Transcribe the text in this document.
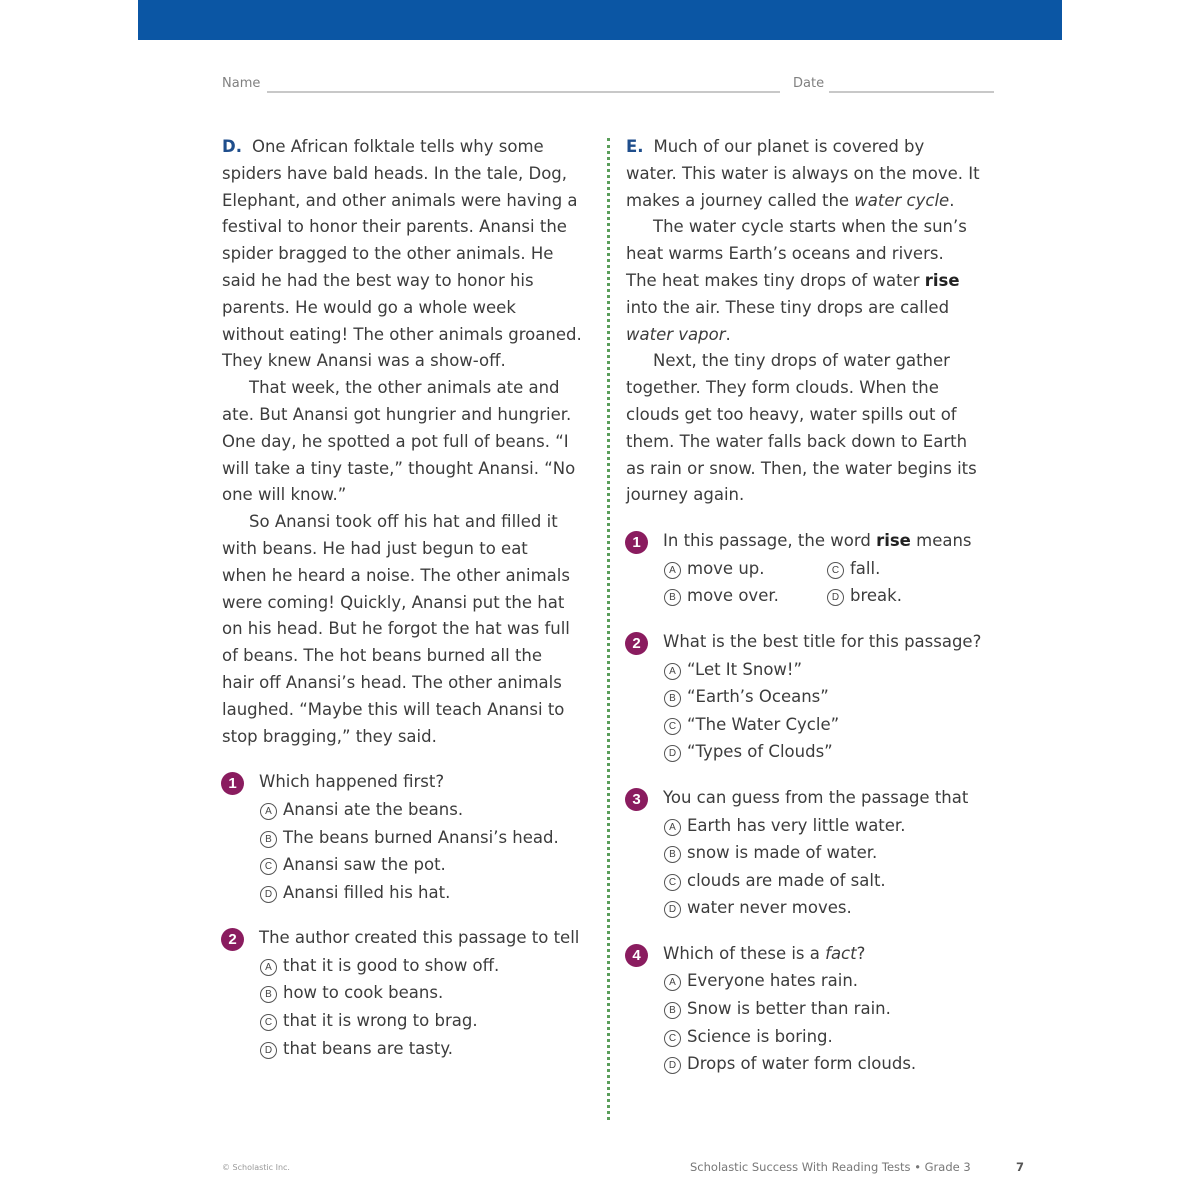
Name	Date

D. One African folktale tells why some
spiders have bald heads. In the tale, Dog,
Elephant, and other animals were having a
festival to honor their parents. Anansi the
spider bragged to the other animals. He
said he had the best way to honor his
parents. He would go a whole week
without eating! The other animals groaned.
They knew Anansi was a show-off.

That week, the other animals ate and
ate. But Anansi got hungrier and hungrier.
One day, he spotted a pot full of beans. “I
will take a tiny taste,” thought Anansi. “No
one will know.”

So Anansi took off his hat and filled it
with beans. He had just begun to eat
when he heard a noise. The other animals
were coming! Quickly, Anansi put the hat
on his head. But he forgot the hat was full
of beans. The hot beans burned all the
hair off Anansi’s head. The other animals
laughed. “Maybe this will teach Anansi to
stop bragging,” they said.

1	Which happened first?
A Anansi ate the beans.
B The beans burned Anansi’s head.
C Anansi saw the pot.
D Anansi filled his hat.
2	The author created this passage to tell
A that it is good to show off.
B how to cook beans.
C that it is wrong to brag.
D that beans are tasty.

E. Much of our planet is covered by
water. This water is always on the move. It
makes a journey called the water cycle.

The water cycle starts when the sun’s
heat warms Earth’s oceans and rivers.
The heat makes tiny drops of water rise
into the air. These tiny drops are called
water vapor.

Next, the tiny drops of water gather
together. They form clouds. When the
clouds get too heavy, water spills out of
them. The water falls back down to Earth
as rain or snow. Then, the water begins its
journey again.

1	In this passage, the word rise means
A move up.	C fall.
B move over.	D break.
2	What is the best title for this passage?
A “Let It Snow!”
B “Earth’s Oceans”
C “The Water Cycle”
D “Types of Clouds”
3	You can guess from the passage that
A Earth has very little water.
B snow is made of water.
C clouds are made of salt.
D water never moves.
4	Which of these is a fact?
A Everyone hates rain.
B Snow is better than rain.
C Science is boring.
D Drops of water form clouds.
© Scholastic Inc.	Scholastic Success With Reading Tests • Grade 3	7
